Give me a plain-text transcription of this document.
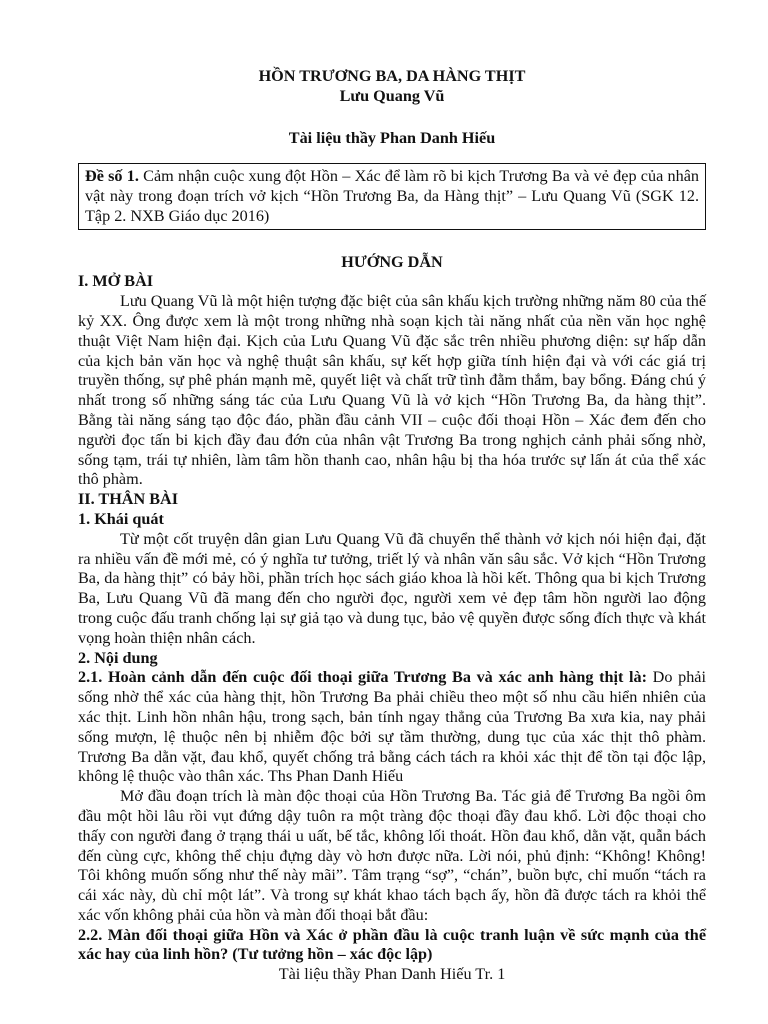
HỒN TRƯƠNG BA, DA HÀNG THỊT
Lưu Quang Vũ
Tài liệu thầy Phan Danh Hiếu
Đề số 1. Cảm nhận cuộc xung đột Hồn – Xác để làm rõ bi kịch Trương Ba và vẻ đẹp của nhân vật này trong đoạn trích vở kịch “Hồn Trương Ba, da Hàng thịt” – Lưu Quang Vũ (SGK 12. Tập 2. NXB Giáo dục 2016)
HƯỚNG DẪN
I. MỞ BÀI

Lưu Quang Vũ là một hiện tượng đặc biệt của sân khấu kịch trường những năm 80 của thế kỷ XX. Ông được xem là một trong những nhà soạn kịch tài năng nhất của nền văn học nghệ thuật Việt Nam hiện đại. Kịch của Lưu Quang Vũ đặc sắc trên nhiều phương diện: sự hấp dẫn của kịch bản văn học và nghệ thuật sân khấu, sự kết hợp giữa tính hiện đại và với các giá trị truyền thống, sự phê phán mạnh mẽ, quyết liệt và chất trữ tình đằm thắm, bay bổng. Đáng chú ý nhất trong số những sáng tác của Lưu Quang Vũ là vở kịch “Hồn Trương Ba, da hàng thịt”. Bằng tài năng sáng tạo độc đáo, phần đầu cảnh VII – cuộc đối thoại Hồn – Xác đem đến cho người đọc tấn bi kịch đầy đau đớn của nhân vật Trương Ba trong nghịch cảnh phải sống nhờ, sống tạm, trái tự nhiên, làm tâm hồn thanh cao, nhân hậu bị tha hóa trước sự lấn át của thể xác thô phàm.

II. THÂN BÀI
1. Khái quát

Từ một cốt truyện dân gian Lưu Quang Vũ đã chuyển thể thành vở kịch nói hiện đại, đặt ra nhiều vấn đề mới mẻ, có ý nghĩa tư tưởng, triết lý và nhân văn sâu sắc. Vở kịch “Hồn Trương Ba, da hàng thịt” có bảy hồi, phần trích học sách giáo khoa là hồi kết. Thông qua bi kịch Trương Ba, Lưu Quang Vũ đã mang đến cho người đọc, người xem vẻ đẹp tâm hồn người lao động trong cuộc đấu tranh chống lại sự giả tạo và dung tục, bảo vệ quyền được sống đích thực và khát vọng hoàn thiện nhân cách.

2. Nội dung

2.1. Hoàn cảnh dẫn đến cuộc đối thoại giữa Trương Ba và xác anh hàng thịt là: Do phải sống nhờ thể xác của hàng thịt, hồn Trương Ba phải chiều theo một số nhu cầu hiển nhiên của xác thịt. Linh hồn nhân hậu, trong sạch, bản tính ngay thẳng của Trương Ba xưa kia, nay phải sống mượn, lệ thuộc nên bị nhiễm độc bởi sự tầm thường, dung tục của xác thịt thô phàm. Trương Ba dằn vặt, đau khổ, quyết chống trả bằng cách tách ra khỏi xác thịt để tồn tại độc lập, không lệ thuộc vào thân xác. Ths Phan Danh Hiếu

Mở đầu đoạn trích là màn độc thoại của Hồn Trương Ba. Tác giả để Trương Ba ngồi ôm đầu một hồi lâu rồi vụt đứng dậy tuôn ra một tràng độc thoại đầy đau khổ. Lời độc thoại cho thấy con người đang ở trạng thái u uất, bế tắc, không lối thoát. Hồn đau khổ, dằn vặt, quẫn bách đến cùng cực, không thể chịu đựng dày vò hơn được nữa. Lời nói, phủ định: “Không! Không! Tôi không muốn sống như thế này mãi”. Tâm trạng “sợ”, “chán”, buồn bực, chỉ muốn “tách ra cái xác này, dù chỉ một lát”. Và trong sự khát khao tách bạch ấy, hồn đã được tách ra khỏi thể xác vốn không phải của hồn và màn đối thoại bắt đầu:

2.2. Màn đối thoại giữa Hồn và Xác ở phần đầu là cuộc tranh luận về sức mạnh của thể xác hay của linh hồn? (Tư tưởng hồn – xác độc lập)

Tài liệu thầy Phan Danh Hiếu Tr. 1
